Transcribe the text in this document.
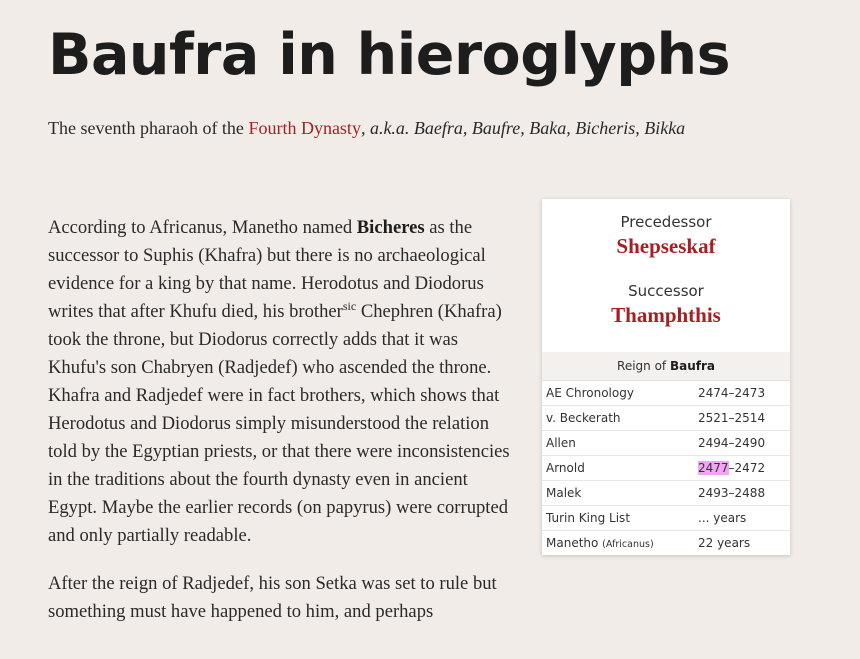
Baufra in hieroglyphs

The seventh pharaoh of the Fourth Dynasty, a.k.a. Baefra, Baufre, Baka, Bicheris, Bikka

According to Africanus, Manetho named Bicheres as the successor to Suphis (Khafra) but there is no archaeological evidence for a king by that name. Herodotus and Diodorus writes that after Khufu died, his brother$^{sic}$ Chephren (Khafra) took the throne, but Diodorus correctly adds that it was Khufu's son Chabryen (Radjedef) who ascended the throne. Khafra and Radjedef were in fact brothers, which shows that Herodotus and Diodorus simply misunderstood the relation told by the Egyptian priests, or that there were inconsistencies in the traditions about the fourth dynasty even in ancient Egypt. Maybe the earlier records (on papyrus) were corrupted and only partially readable.

After the reign of Radjedef, his son Setka was set to rule but something must have happened to him, and perhaps

Precedessor
Shepseskaf
Successor
Thamphthis
Reign of Baufra
AE Chronology	2474–2473
v. Beckerath	2521–2514
Allen	2494–2490
Arnold	2477–2472
Malek	2493–2488
Turin King List	... years
Manetho (Africanus)	22 years
